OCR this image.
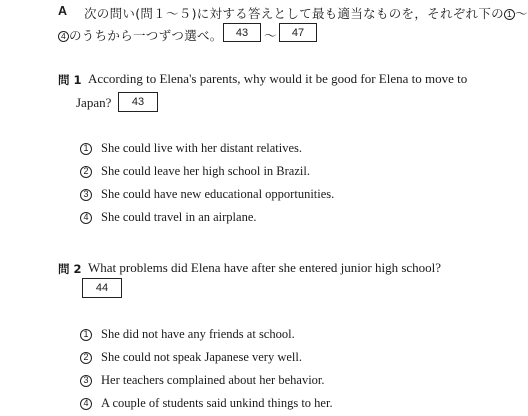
A 次の問い(問１～５)に対する答えとして最も適当なものを，それぞれ下の 1 ～
4 のうちから一つずつ選べ。	43	～	47
問 1 According to Elena's parents, why would it be good for Elena to move to
Japan?	43
1 She could live with her distant relatives.
2 She could leave her high school in Brazil.
3 She could have new educational opportunities.
4 She could travel in an airplane.
問 2 What problems did Elena have after she entered junior high school?
44
1 She did not have any friends at school.
2 She could not speak Japanese very well.
3 Her teachers complained about her behavior.
4 A couple of students said unkind things to her.
